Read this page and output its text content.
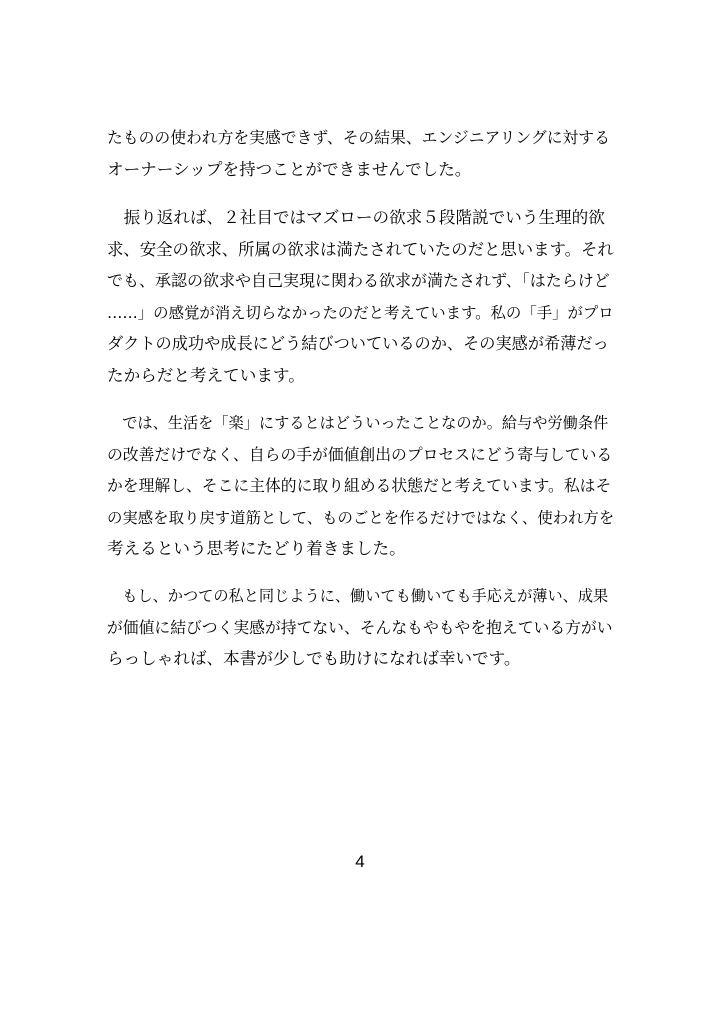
たものの使われ方を実感できず、その結果、エンジニアリングに対する
オーナーシップを持つことができませんでした。
　振り返れば、２社目ではマズローの欲求５段階説でいう生理的欲
求、安全の欲求、所属の欲求は満たされていたのだと思います。それ
でも、承認の欲求や自己実現に関わる欲求が満たされず、「はたらけど
……」の感覚が消え切らなかったのだと考えています。私の「手」がプロ
ダクトの成功や成長にどう結びついているのか、その実感が希薄だっ
たからだと考えています。
　では、生活を「楽」にするとはどういったことなのか。給与や労働条件
の改善だけでなく、自らの手が価値創出のプロセスにどう寄与している
かを理解し、そこに主体的に取り組める状態だと考えています。私はそ
の実感を取り戻す道筋として、ものごとを作るだけではなく、使われ方を
考えるという思考にたどり着きました。
　もし、かつての私と同じように、働いても働いても手応えが薄い、成果
が価値に結びつく実感が持てない、そんなもやもやを抱えている方がい
らっしゃれば、本書が少しでも助けになれば幸いです。
4
